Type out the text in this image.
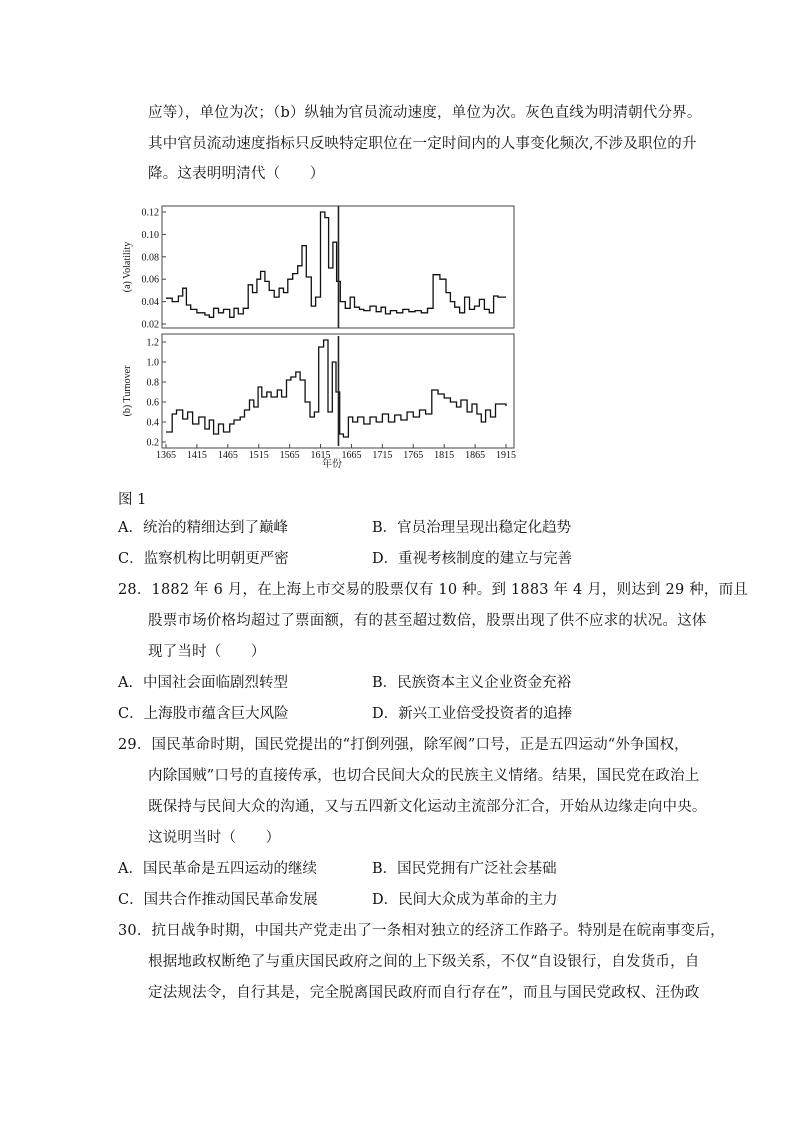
应等），单位为次；（b）纵轴为官员流动速度，单位为次。灰色直线为明清朝代分界。
其中官员流动速度指标只反映特定职位在一定时间内的人事变化频次,不涉及职位的升
降。这表明明清代（　　）
(a) Volatility
0.12
0.10
0.08
0.06
0.04
0.02
(b) Turnover
1.2
1.0
0.8
0.6
0.4
0.2
1365 1415 1465 1515 1565 1615 1665 1715 1765 1815 1865 1915
年份
图 1
A．统治的精细达到了巅峰	B．官员治理呈现出稳定化趋势
C．监察机构比明朝更严密	D．重视考核制度的建立与完善
28．1882 年 6 月，在上海上市交易的股票仅有 10 种。到 1883 年 4 月，则达到 29 种，而且
股票市场价格均超过了票面额，有的甚至超过数倍，股票出现了供不应求的状况。这体
现了当时（　　）
A．中国社会面临剧烈转型	B．民族资本主义企业资金充裕
C．上海股市蕴含巨大风险	D．新兴工业倍受投资者的追捧
29．国民革命时期，国民党提出的“打倒列强，除军阀”口号，正是五四运动“外争国权，
内除国贼”口号的直接传承，也切合民间大众的民族主义情绪。结果，国民党在政治上
既保持与民间大众的沟通，又与五四新文化运动主流部分汇合，开始从边缘走向中央。
这说明当时（　　）
A．国民革命是五四运动的继续	B．国民党拥有广泛社会基础
C．国共合作推动国民革命发展	D．民间大众成为革命的主力
30．抗日战争时期，中国共产党走出了一条相对独立的经济工作路子。特别是在皖南事变后，
根据地政权断绝了与重庆国民政府之间的上下级关系，不仅“自设银行，自发货币，自
定法规法令，自行其是，完全脱离国民政府而自行存在”，而且与国民党政权、汪伪政
